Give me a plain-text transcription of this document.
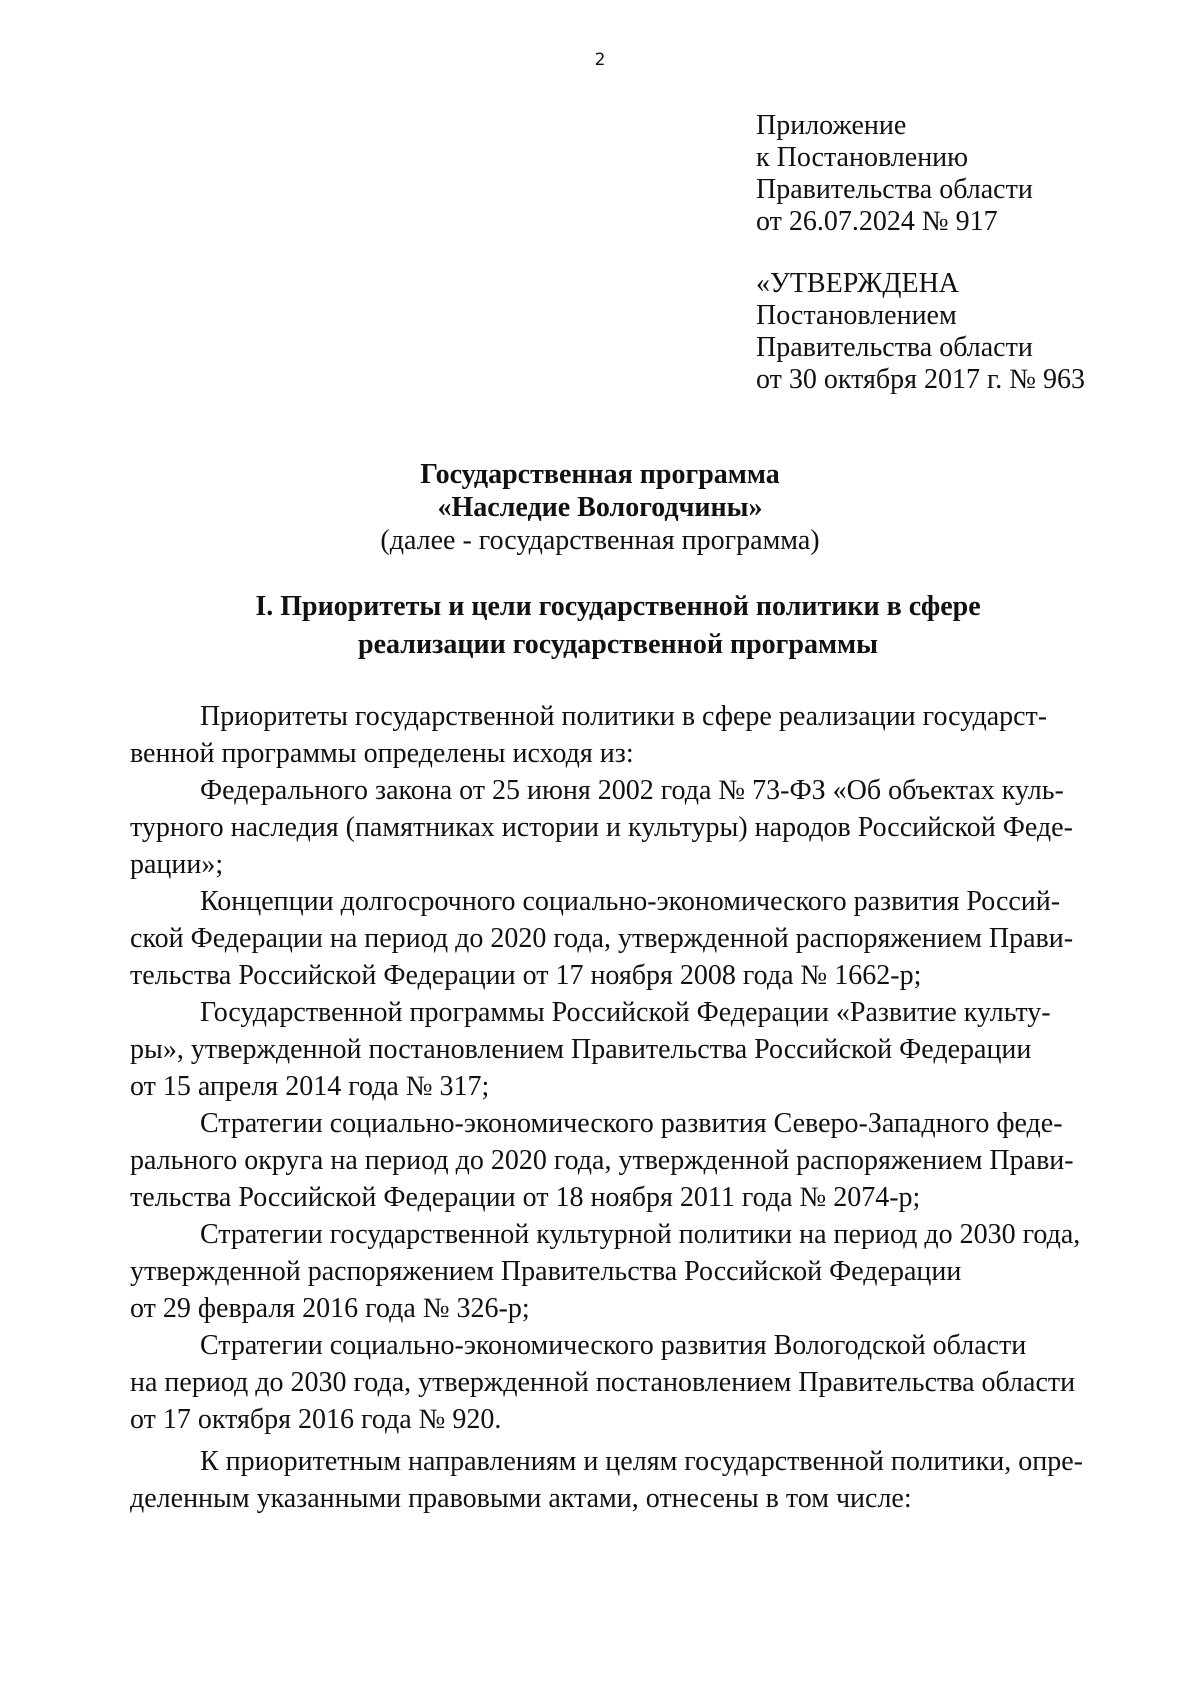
2
Приложение
к Постановлению
Правительства области
от 26.07.2024 № 917
«УТВЕРЖДЕНА
Постановлением
Правительства области
от 30 октября 2017 г. № 963
Государственная программа
«Наследие Вологодчины»
(далее - государственная программа)
I. Приоритеты и цели государственной политики в сфере
реализации государственной программы
Приоритеты государственной политики в сфере реализации государст-
венной программы определены исходя из:
Федерального закона от 25 июня 2002 года № 73-ФЗ «Об объектах куль-
турного наследия (памятниках истории и культуры) народов Российской Феде-
рации»;
Концепции долгосрочного социально-экономического развития Россий-
ской Федерации на период до 2020 года, утвержденной распоряжением Прави-
тельства Российской Федерации от 17 ноября 2008 года № 1662-р;
Государственной программы Российской Федерации «Развитие культу-
ры», утвержденной постановлением Правительства Российской Федерации
от 15 апреля 2014 года № 317;
Стратегии социально-экономического развития Северо-Западного феде-
рального округа на период до 2020 года, утвержденной распоряжением Прави-
тельства Российской Федерации от 18 ноября 2011 года № 2074-р;
Стратегии государственной культурной политики на период до 2030 года,
утвержденной распоряжением Правительства Российской Федерации
от 29 февраля 2016 года № 326-р;
Стратегии социально-экономического развития Вологодской области
на период до 2030 года, утвержденной постановлением Правительства области
от 17 октября 2016 года № 920.
К приоритетным направлениям и целям государственной политики, опре-
деленным указанными правовыми актами, отнесены в том числе:
